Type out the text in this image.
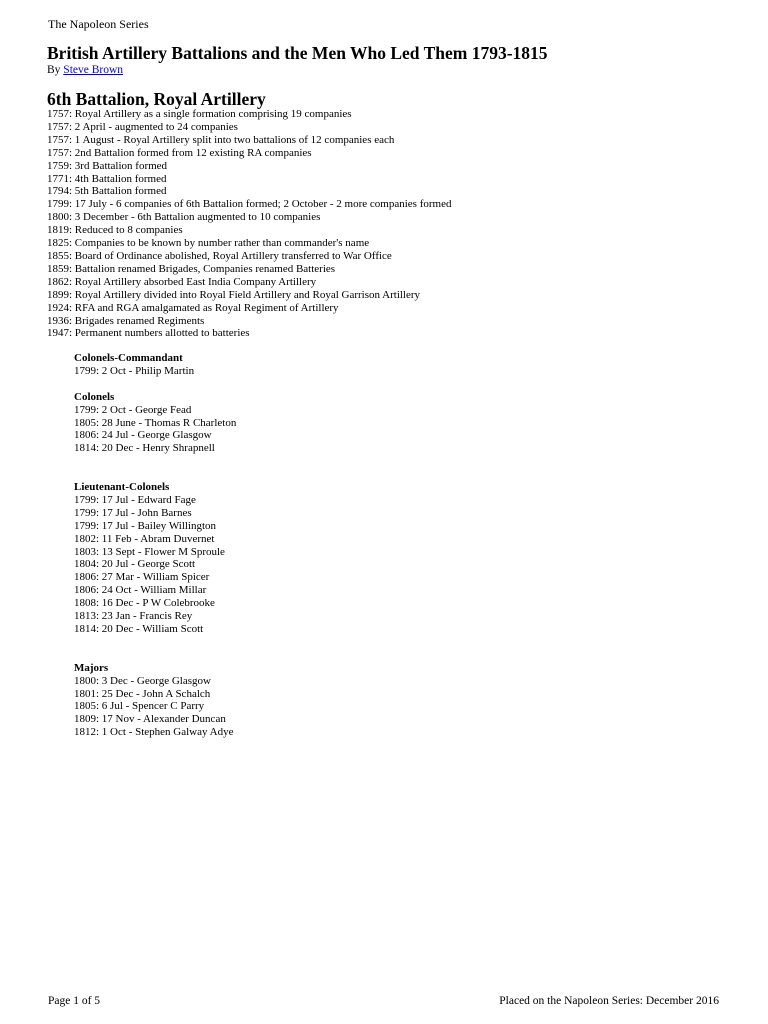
The Napoleon Series
British Artillery Battalions and the Men Who Led Them 1793-1815
By Steve Brown
6th Battalion, Royal Artillery
1757: Royal Artillery as a single formation comprising 19 companies
1757: 2 April - augmented to 24 companies
1757: 1 August - Royal Artillery split into two battalions of 12 companies each
1757: 2nd Battalion formed from 12 existing RA companies
1759: 3rd Battalion formed
1771: 4th Battalion formed
1794: 5th Battalion formed
1799: 17 July - 6 companies of 6th Battalion formed; 2 October - 2 more companies formed
1800: 3 December - 6th Battalion augmented to 10 companies
1819: Reduced to 8 companies
1825: Companies to be known by number rather than commander's name
1855: Board of Ordinance abolished, Royal Artillery transferred to War Office
1859: Battalion renamed Brigades, Companies renamed Batteries
1862: Royal Artillery absorbed East India Company Artillery
1899: Royal Artillery divided into Royal Field Artillery and Royal Garrison Artillery
1924: RFA and RGA amalgamated as Royal Regiment of Artillery
1936: Brigades renamed Regiments
1947: Permanent numbers allotted to batteries
Colonels-Commandant
1799: 2 Oct - Philip Martin
Colonels
1799: 2 Oct - George Fead
1805: 28 June - Thomas R Charleton
1806: 24 Jul - George Glasgow
1814: 20 Dec - Henry Shrapnell
Lieutenant-Colonels
1799: 17 Jul - Edward Fage
1799: 17 Jul - John Barnes
1799: 17 Jul - Bailey Willington
1802: 11 Feb - Abram Duvernet
1803: 13 Sept - Flower M Sproule
1804: 20 Jul - George Scott
1806: 27 Mar - William Spicer
1806: 24 Oct - William Millar
1808: 16 Dec - P W Colebrooke
1813: 23 Jan - Francis Rey
1814: 20 Dec - William Scott
Majors
1800: 3 Dec - George Glasgow
1801: 25 Dec - John A Schalch
1805: 6 Jul - Spencer C Parry
1809: 17 Nov - Alexander Duncan
1812: 1 Oct - Stephen Galway Adye
Page 1 of 5	Placed on the Napoleon Series: December 2016
